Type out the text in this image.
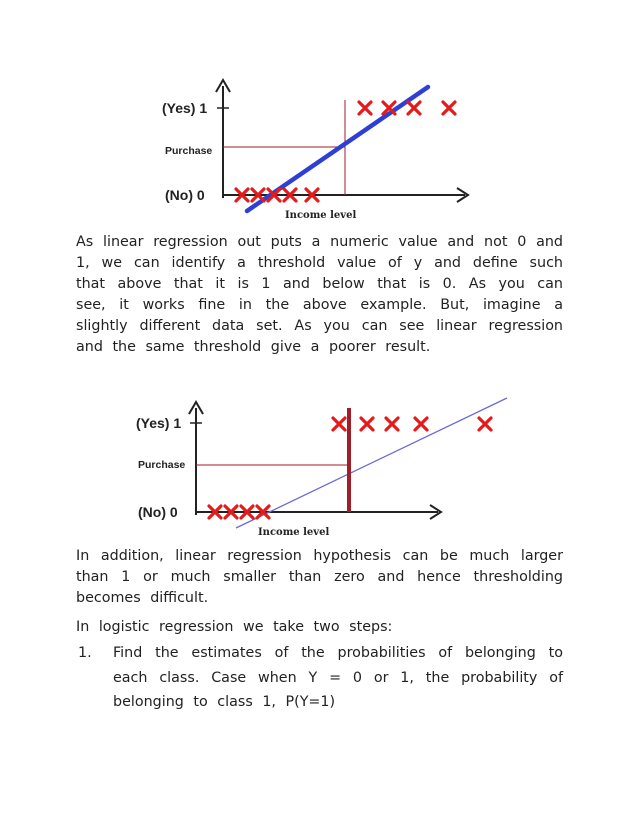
(Yes) 1
Purchase
(No) 0
Income level

As linear regression out puts a numeric value and not 0 and 1, we can identify a threshold value of y and define such that above that it is 1 and below that is 0. As you can see, it works fine in the above example. But, imagine a slightly different data set. As you can see linear regression and the same threshold give a poorer result.

(Yes) 1
Purchase
(No) 0
Income level

In addition, linear regression hypothesis can be much larger than 1 or much smaller than zero and hence thresholding becomes difficult.

In logistic regression we take two steps:

1. Find the estimates of the probabilities of belonging to each class. Case when Y = 0 or 1, the probability of belonging to class 1, P(Y=1)
